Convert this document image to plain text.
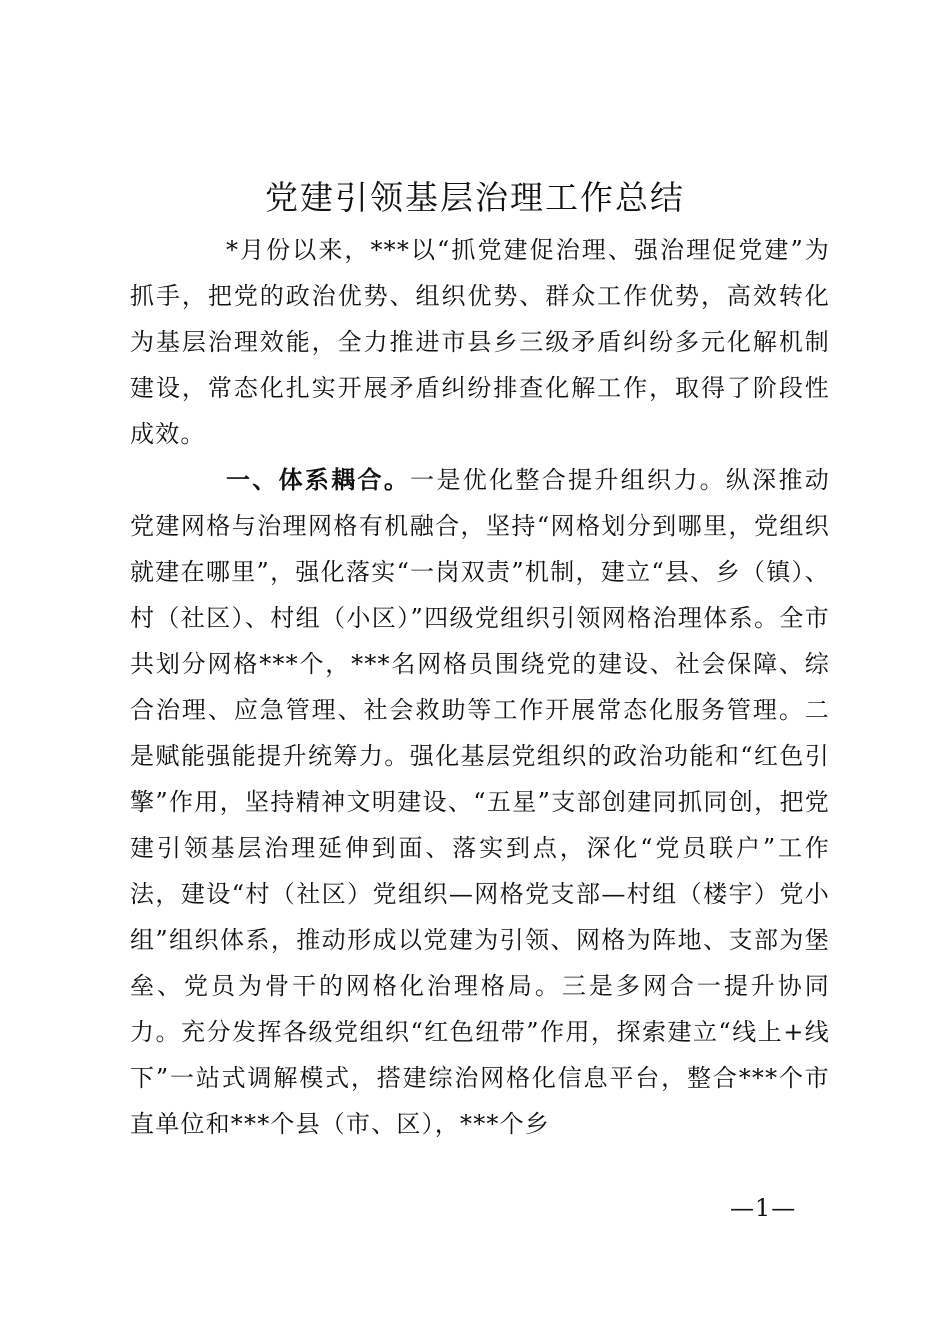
党建引领基层治理工作总结

*月份以来，***以“抓党建促治理、强治理促党建”为抓手，把党的政治优势、组织优势、群众工作优势，高效转化为基层治理效能，全力推进市县乡三级矛盾纠纷多元化解机制建设，常态化扎实开展矛盾纠纷排查化解工作，取得了阶段性成效。

一、体系耦合。一是优化整合提升组织力。纵深推动党建网格与治理网格有机融合，坚持“网格划分到哪里，党组织就建在哪里”，强化落实“一岗双责”机制，建立“县、乡（镇）、村（社区）、村组（小区）”四级党组织引领网格治理体系。全市共划分网格***个，***名网格员围绕党的建设、社会保障、综合治理、应急管理、社会救助等工作开展常态化服务管理。二是赋能强能提升统筹力。强化基层党组织的政治功能和“红色引擎”作用，坚持精神文明建设、“五星”支部创建同抓同创，把党建引领基层治理延伸到面、落实到点，深化“党员联户”工作法，建设“村（社区）党组织—网格党支部—村组（楼宇）党小组”组织体系，推动形成以党建为引领、网格为阵地、支部为堡垒、党员为骨干的网格化治理格局。三是多网合一提升协同力。充分发挥各级党组织“红色纽带”作用，探索建立“线上+线下”一站式调解模式，搭建综治网格化信息平台，整合***个市直单位和***个县（市、区），***个乡

—1—
